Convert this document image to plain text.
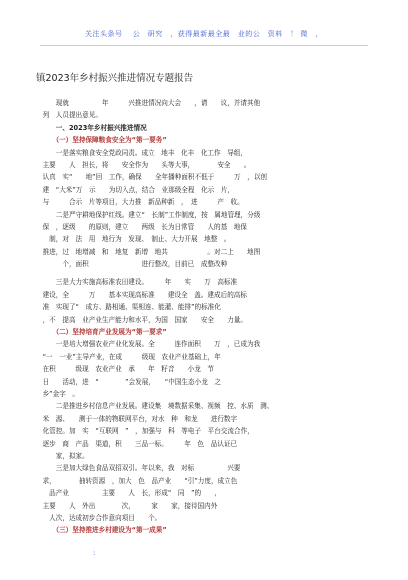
关注头条号　 公　研究　，获得最新最全最　业的公　资料　！ 微　，
镇2023年乡村振兴推进情况专题报告
　　　现就　　　　　年　　　兴推进情况向大会　　，请　　议，并请其他
　列　人员提出意见。
　　　一、2023年乡村振兴推进情况
　　　（一）坚持保障粮食安全为“第一要务”
　　　一是落实粮食安全党政同责。成立　地丰　化丰　化工作　导组，
　主要　　人　担长，将　　安全作为　　头等大事，　　　　安全　　。
　认真　实“　　地”回　工作，确保　　全年播种面积不低于　　　万　，以创
　建　“大米”万　示　　为切入点，结合　业那级全程　化示　片，
　与　　　合示　片等项目，大力推　新品种新　，　进　　　产　收。
　　　二是严守耕地保护红线。建立“　长制”工作制度，按　属地管理，分级
　保　，逐级　　的原则，建立　　两级　长为日常管　　人的基　地保
　　制，对　法　用　地行为　发现、　制止、大力开展　地整　。
　推进，过　地增减　和　地复　新增　地共　　　　　　。对二上　　地图
　　　　个，面积　　　　　　　　进行整改，目前已　成整改种　　　　
　　　三是大力实施高标准农田建设。　　　年　　实　　万　高标准
　建设，全　　　万　　基本实现高标准　　建设全　盖。建成后的高标
　准　实现了“　成方、路相通、渠相连、能灌、能排”的标准化
　，不　提高　业产业生产能力和水平，为国　国家　　安全　　力量。
　　　（二）坚持培育产业发展为“第一要求”
　　　一是培大增强农业产业化发展。全　　　连作面积　　万　，已成为我
　“一　一业”主导产业，在成　　　级现　农业产业基础上，年
　在积　　　级现　农业产业　承　　年　籽音　　小龙　节
　日　　活动，进　“　　　　”会发展，　　“中国生态小龙　之
　乡”金字　。
　　　二是推进乡村信息产业发展。建设集　境数据采集、视频　控、水质　测、
　米　源、　　测于一体的物联网平台，对水　种　和龙　　进行数字
　化管控。加　实　“互联网　”　，加强与　科　等电子　平台交流合作，
　逐步　商　产品　渠道，积　　三品一标。　　　年　色　品认证已
　　　家，拟家。
　　　三是加大绿色食品双招双引。年以来，我　对标　　　　　兴要
　求，　　　　抽转资源　，加大　色　品产业　　“引”力度，成立色
　　品产业　　　　　主要　　人　长，形成“　同　”的　　，
　主要　　人　外出　　　　次，　　　家　　家，接待国内外
　　人次，达成初步合作意向项目　　个。
　　　（三）坚持推进乡村建设为“第一成果”
:
